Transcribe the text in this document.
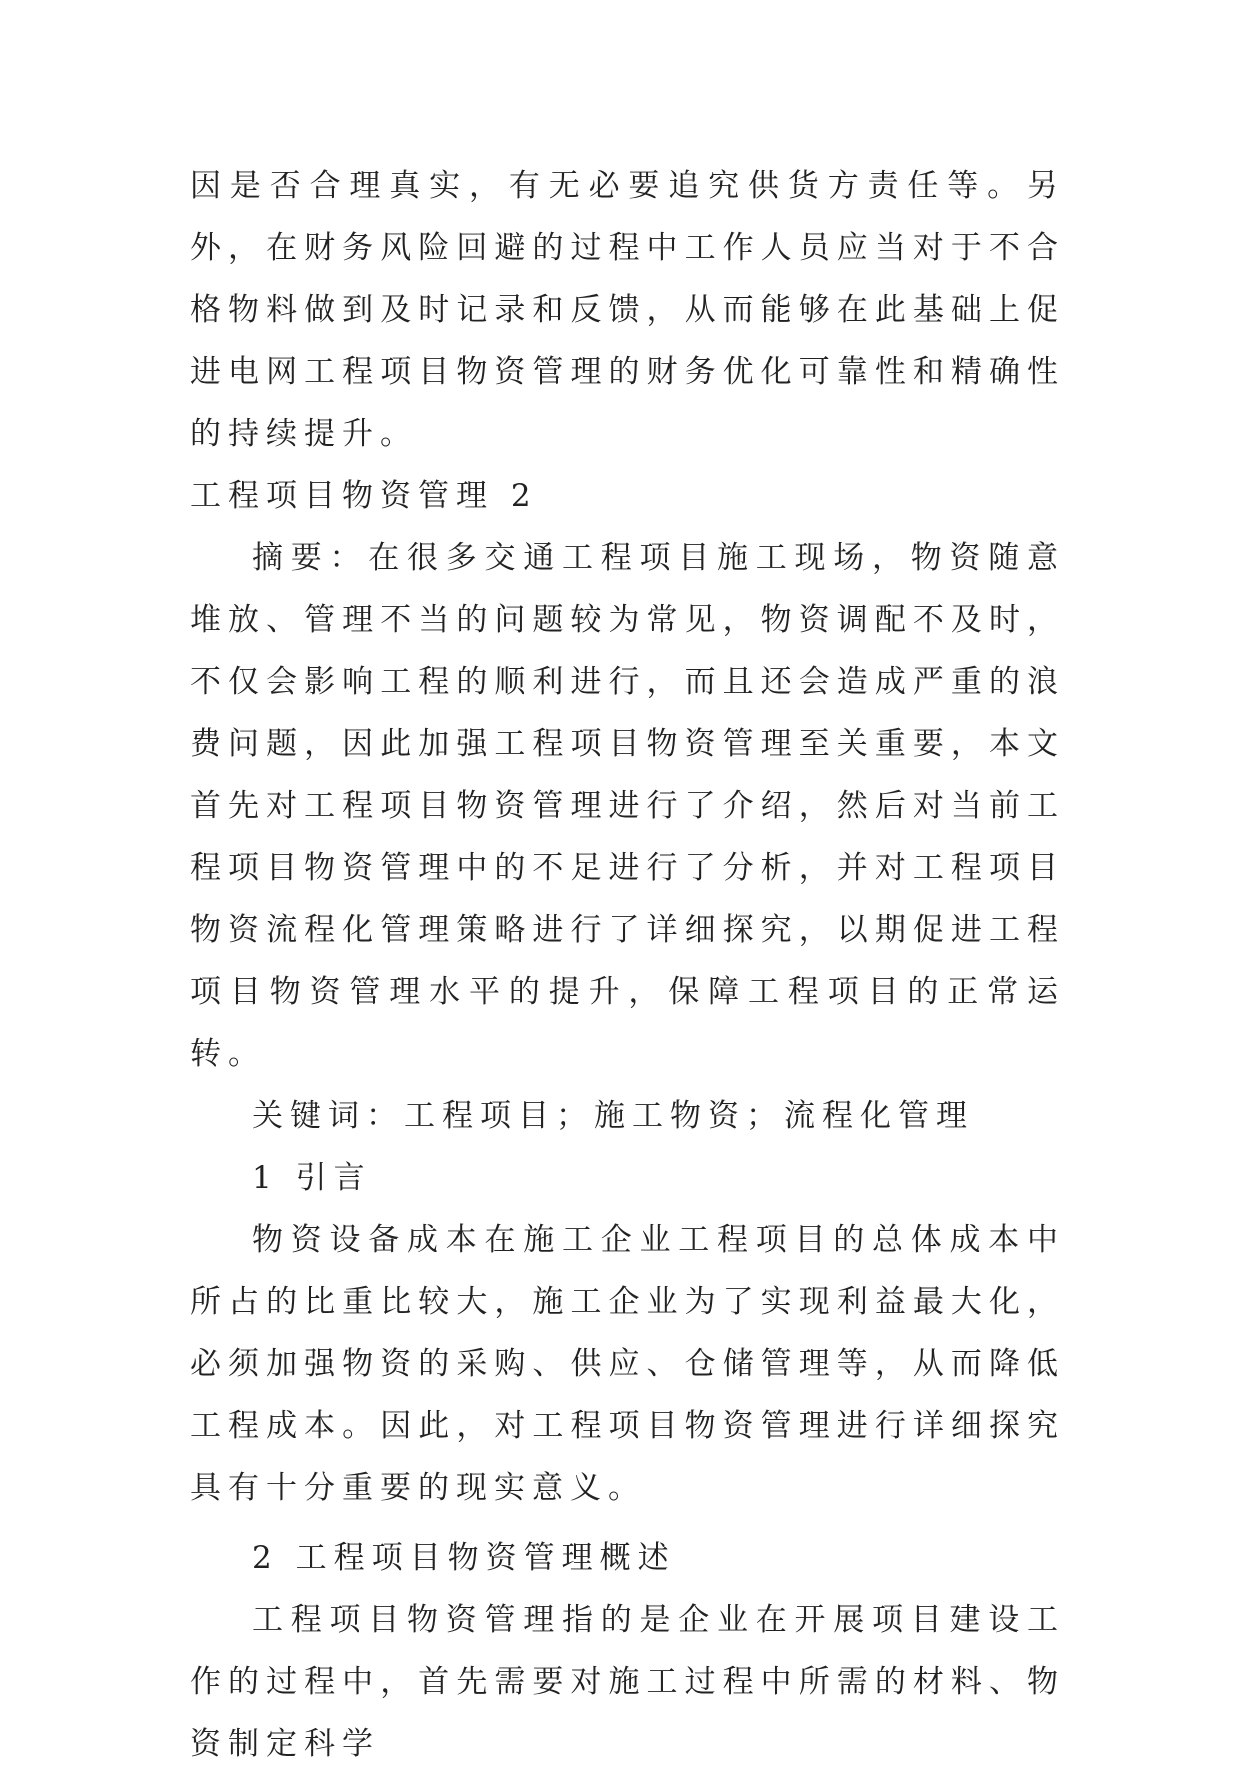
因是否合理真实，有无必要追究供货方责任等。另外，在财务风险回避的过程中工作人员应当对于不合格物料做到及时记录和反馈，从而能够在此基础上促进电网工程项目物资管理的财务优化可靠性和精确性的持续提升。

工程项目物资管理 2

摘要：在很多交通工程项目施工现场，物资随意堆放、管理不当的问题较为常见，物资调配不及时，不仅会影响工程的顺利进行，而且还会造成严重的浪费问题，因此加强工程项目物资管理至关重要，本文首先对工程项目物资管理进行了介绍，然后对当前工程项目物资管理中的不足进行了分析，并对工程项目物资流程化管理策略进行了详细探究，以期促进工程项目物资管理水平的提升，保障工程项目的正常运转。

关键词：工程项目；施工物资；流程化管理

1 引言

物资设备成本在施工企业工程项目的总体成本中所占的比重比较大，施工企业为了实现利益最大化，必须加强物资的采购、供应、仓储管理等，从而降低工程成本。因此，对工程项目物资管理进行详细探究具有十分重要的现实意义。

2 工程项目物资管理概述

工程项目物资管理指的是企业在开展项目建设工作的过程中，首先需要对施工过程中所需的材料、物资制定科学
